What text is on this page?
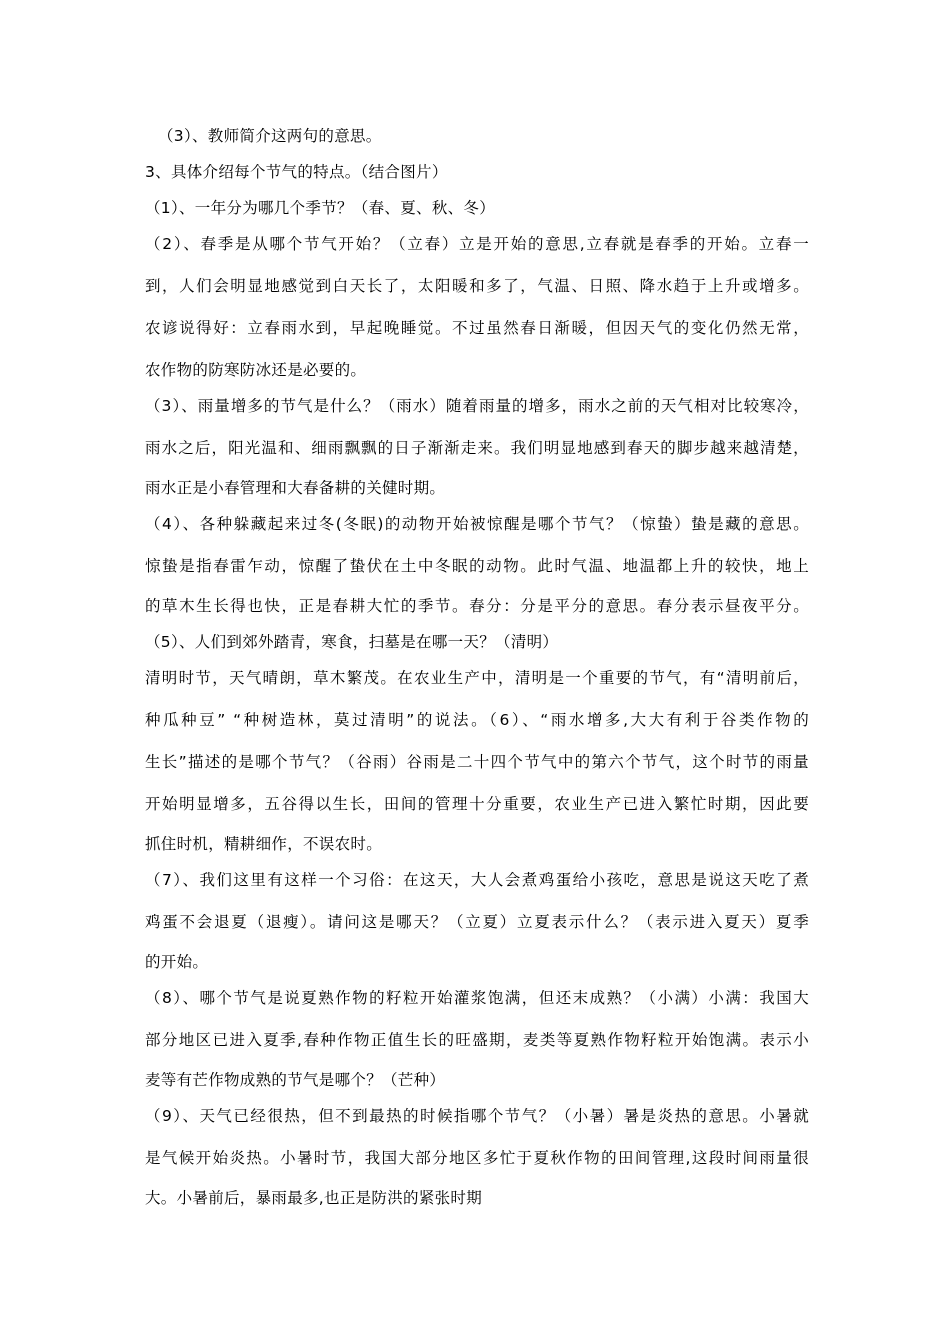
（3）、教师简介这两句的意思。
3、具体介绍每个节气的特点。（结合图片）
（1）、一年分为哪几个季节？（春、夏、秋、冬）
（2）、春季是从哪个节气开始？（立春）立是开始的意思,立春就是春季的开始。立春一
到，人们会明显地感觉到白天长了，太阳暖和多了，气温、日照、降水趋于上升或增多。
农谚说得好：立春雨水到，早起晚睡觉。不过虽然春日渐暖，但因天气的变化仍然无常，
农作物的防寒防冰还是必要的。
（3）、雨量增多的节气是什么？（雨水）随着雨量的增多，雨水之前的天气相对比较寒冷，
雨水之后，阳光温和、细雨飘飘的日子渐渐走来。我们明显地感到春天的脚步越来越清楚，
雨水正是小春管理和大春备耕的关健时期。
（4）、各种躲藏起来过冬(冬眠)的动物开始被惊醒是哪个节气？（惊蛰）蛰是藏的意思。
惊蛰是指春雷乍动，惊醒了蛰伏在土中冬眠的动物。此时气温、地温都上升的较快，地上
的草木生长得也快，正是春耕大忙的季节。春分：分是平分的意思。春分表示昼夜平分。
（5）、人们到郊外踏青，寒食，扫墓是在哪一天？（清明）
清明时节，天气晴朗，草木繁茂。在农业生产中，清明是一个重要的节气，有“清明前后，
种瓜种豆” “种树造林，莫过清明”的说法。（6）、“雨水增多,大大有利于谷类作物的
生长”描述的是哪个节气？（谷雨）谷雨是二十四个节气中的第六个节气，这个时节的雨量
开始明显增多，五谷得以生长，田间的管理十分重要，农业生产已进入繁忙时期，因此要
抓住时机，精耕细作，不误农时。
（7）、我们这里有这样一个习俗：在这天，大人会煮鸡蛋给小孩吃，意思是说这天吃了煮
鸡蛋不会退夏（退瘦）。请问这是哪天？（立夏）立夏表示什么？（表示进入夏天）夏季
的开始。
（8）、哪个节气是说夏熟作物的籽粒开始灌浆饱满，但还末成熟？（小满）小满：我国大
部分地区已进入夏季,春种作物正值生长的旺盛期，麦类等夏熟作物籽粒开始饱满。表示小
麦等有芒作物成熟的节气是哪个？（芒种）
（9）、天气已经很热，但不到最热的时候指哪个节气？（小暑）暑是炎热的意思。小暑就
是气候开始炎热。小暑时节，我国大部分地区多忙于夏秋作物的田间管理,这段时间雨量很
大。小暑前后，暴雨最多,也正是防洪的紧张时期
